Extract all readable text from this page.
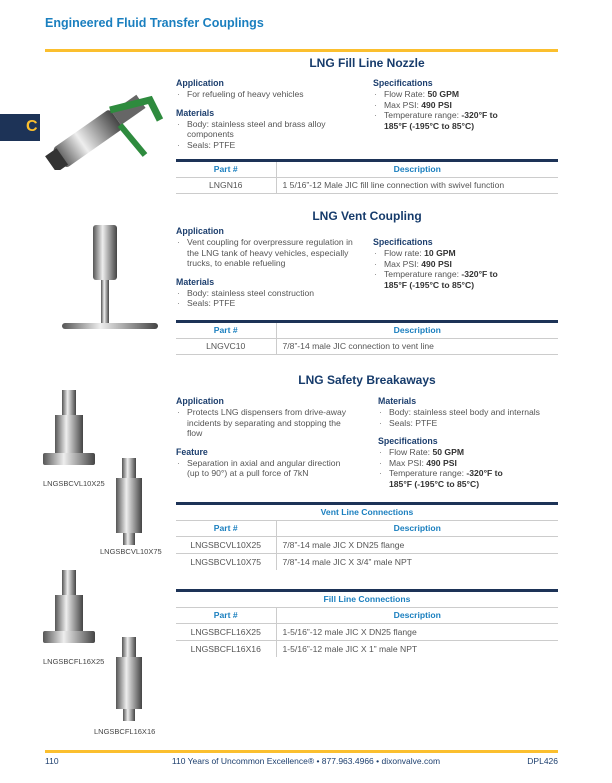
Engineered Fluid Transfer Couplings
C
LNG Fill Line Nozzle
Application
· For refueling of heavy vehicles
Materials
· Body: stainless steel and brass alloy components
· Seals: PTFE
Specifications
· Flow Rate: 50 GPM
· Max PSI: 490 PSI
· Temperature range: -320°F to 185°F (-195°C to 85°C)
Part #	Description
LNGN16	1 5/16”-12 Male JIC fill line connection with swivel function
LNG Vent Coupling
Application
· Vent coupling for overpressure regulation in the LNG tank of heavy vehicles, especially trucks, to enable refueling
Materials
· Body: stainless steel construction
· Seals: PTFE
Specifications
· Flow rate: 10 GPM
· Max PSI: 490 PSI
· Temperature range: -320°F to 185°F (-195°C to 85°C)
Part #	Description
LNGVC10	7/8”-14 male JIC connection to vent line
LNG Safety Breakaways
Application
· Protects LNG dispensers from drive-away incidents by separating and stopping the flow
Feature
· Separation in axial and angular direction (up to 90°) at a pull force of 7kN
Materials
· Body: stainless steel body and internals
· Seals: PTFE
Specifications
· Flow Rate: 50 GPM
· Max PSI: 490 PSI
· Temperature range: -320°F to 185°F (-195°C to 85°C)
LNGSBCVL10X25
LNGSBCVL10X75
LNGSBCFL16X25
LNGSBCFL16X16
Vent Line Connections	
Part #	Description
LNGSBCVL10X25	7/8”-14 male JIC X DN25 flange
LNGSBCVL10X75	7/8”-14 male JIC X 3/4” male NPT
Fill Line Connections	
Part #	Description
LNGSBCFL16X25	1-5/16”-12 male JIC X DN25 flange
LNGSBCFL16X16	1-5/16”-12 male JIC X 1” male NPT
110	110 Years of Uncommon Excellence® • 877.963.4966 • dixonvalve.com	DPL426
